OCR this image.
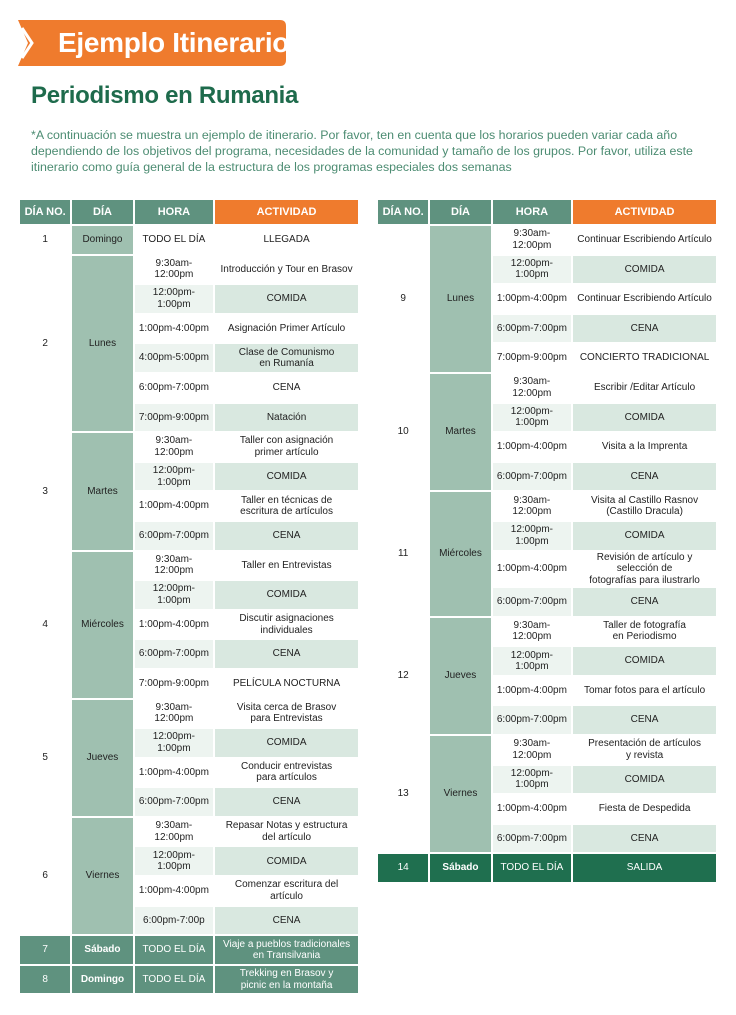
Ejemplo Itinerario
Periodismo en Rumania
*A continuación se muestra un ejemplo de itinerario. Por favor, ten en cuenta que los horarios pueden variar cada año dependiendo de los objetivos del programa, necesidades de la comunidad y tamaño de los grupos. Por favor, utiliza este itinerario como guía general de la estructura de los programas especiales dos semanas
DÍA NO.	DÍA	HORA	ACTIVIDAD

1	Domingo	TODO EL DÍA	LLEGADA

2	Lunes	9:30am-12:00pm	Introducción y Tour en Brasov

		12:00pm-1:00pm	COMIDA

		1:00pm-4:00pm	Asignación Primer Artículo

		4:00pm-5:00pm	Clase de Comunismo
en Rumanía

		6:00pm-7:00pm	CENA

		7:00pm-9:00pm	Natación

3	Martes	9:30am-12:00pm	Taller con asignación
primer artículo

		12:00pm-1:00pm	COMIDA

		1:00pm-4:00pm	Taller en técnicas de
escritura de artículos

		6:00pm-7:00pm	CENA

4	Miércoles	9:30am-12:00pm	Taller en Entrevistas

		12:00pm-1:00pm	COMIDA

		1:00pm-4:00pm	Discutir asignaciones
individuales

		6:00pm-7:00pm	CENA

		7:00pm-9:00pm	PELÍCULA NOCTURNA

5	Jueves	9:30am-12:00pm	Visita cerca de Brasov
para Entrevistas

		12:00pm-1:00pm	COMIDA

		1:00pm-4:00pm	Conducir entrevistas
para artículos

		6:00pm-7:00pm	CENA

6	Viernes	9:30am-12:00pm	Repasar Notas y estructura
del artículo

		12:00pm-1:00pm	COMIDA

		1:00pm-4:00pm	Comenzar escritura del artículo

		6:00pm-7:00p	CENA

7	Sábado	TODO EL DÍA	Viaje a pueblos tradicionales
en Transilvania

8	Domingo	TODO EL DÍA	Trekking en Brasov y
picnic en la montaña
DÍA NO.	DÍA	HORA	ACTIVIDAD

9	Lunes	9:30am-12:00pm	Continuar Escribiendo Artículo

		12:00pm-1:00pm	COMIDA

		1:00pm-4:00pm	Continuar Escribiendo Artículo

		6:00pm-7:00pm	CENA

		7:00pm-9:00pm	CONCIERTO TRADICIONAL

10	Martes	9:30am-12:00pm	Escribir /Editar Artículo

		12:00pm-1:00pm	COMIDA

		1:00pm-4:00pm	Visita a la Imprenta

		6:00pm-7:00pm	CENA

11	Miércoles	9:30am-12:00pm	Visita al Castillo Rasnov
(Castillo Dracula)

		12:00pm-1:00pm	COMIDA

		1:00pm-4:00pm	Revisión de artículo y selección de
fotografías para ilustrarlo

		6:00pm-7:00pm	CENA

12	Jueves	9:30am-12:00pm	Taller de fotografía
en Periodismo

		12:00pm-1:00pm	COMIDA

		1:00pm-4:00pm	Tomar fotos para el artículo

		6:00pm-7:00pm	CENA

13	Viernes	9:30am-12:00pm	Presentación de artículos
y revista

		12:00pm-1:00pm	COMIDA

		1:00pm-4:00pm	Fiesta de Despedida

		6:00pm-7:00pm	CENA

14	Sábado	TODO EL DÍA	SALIDA
